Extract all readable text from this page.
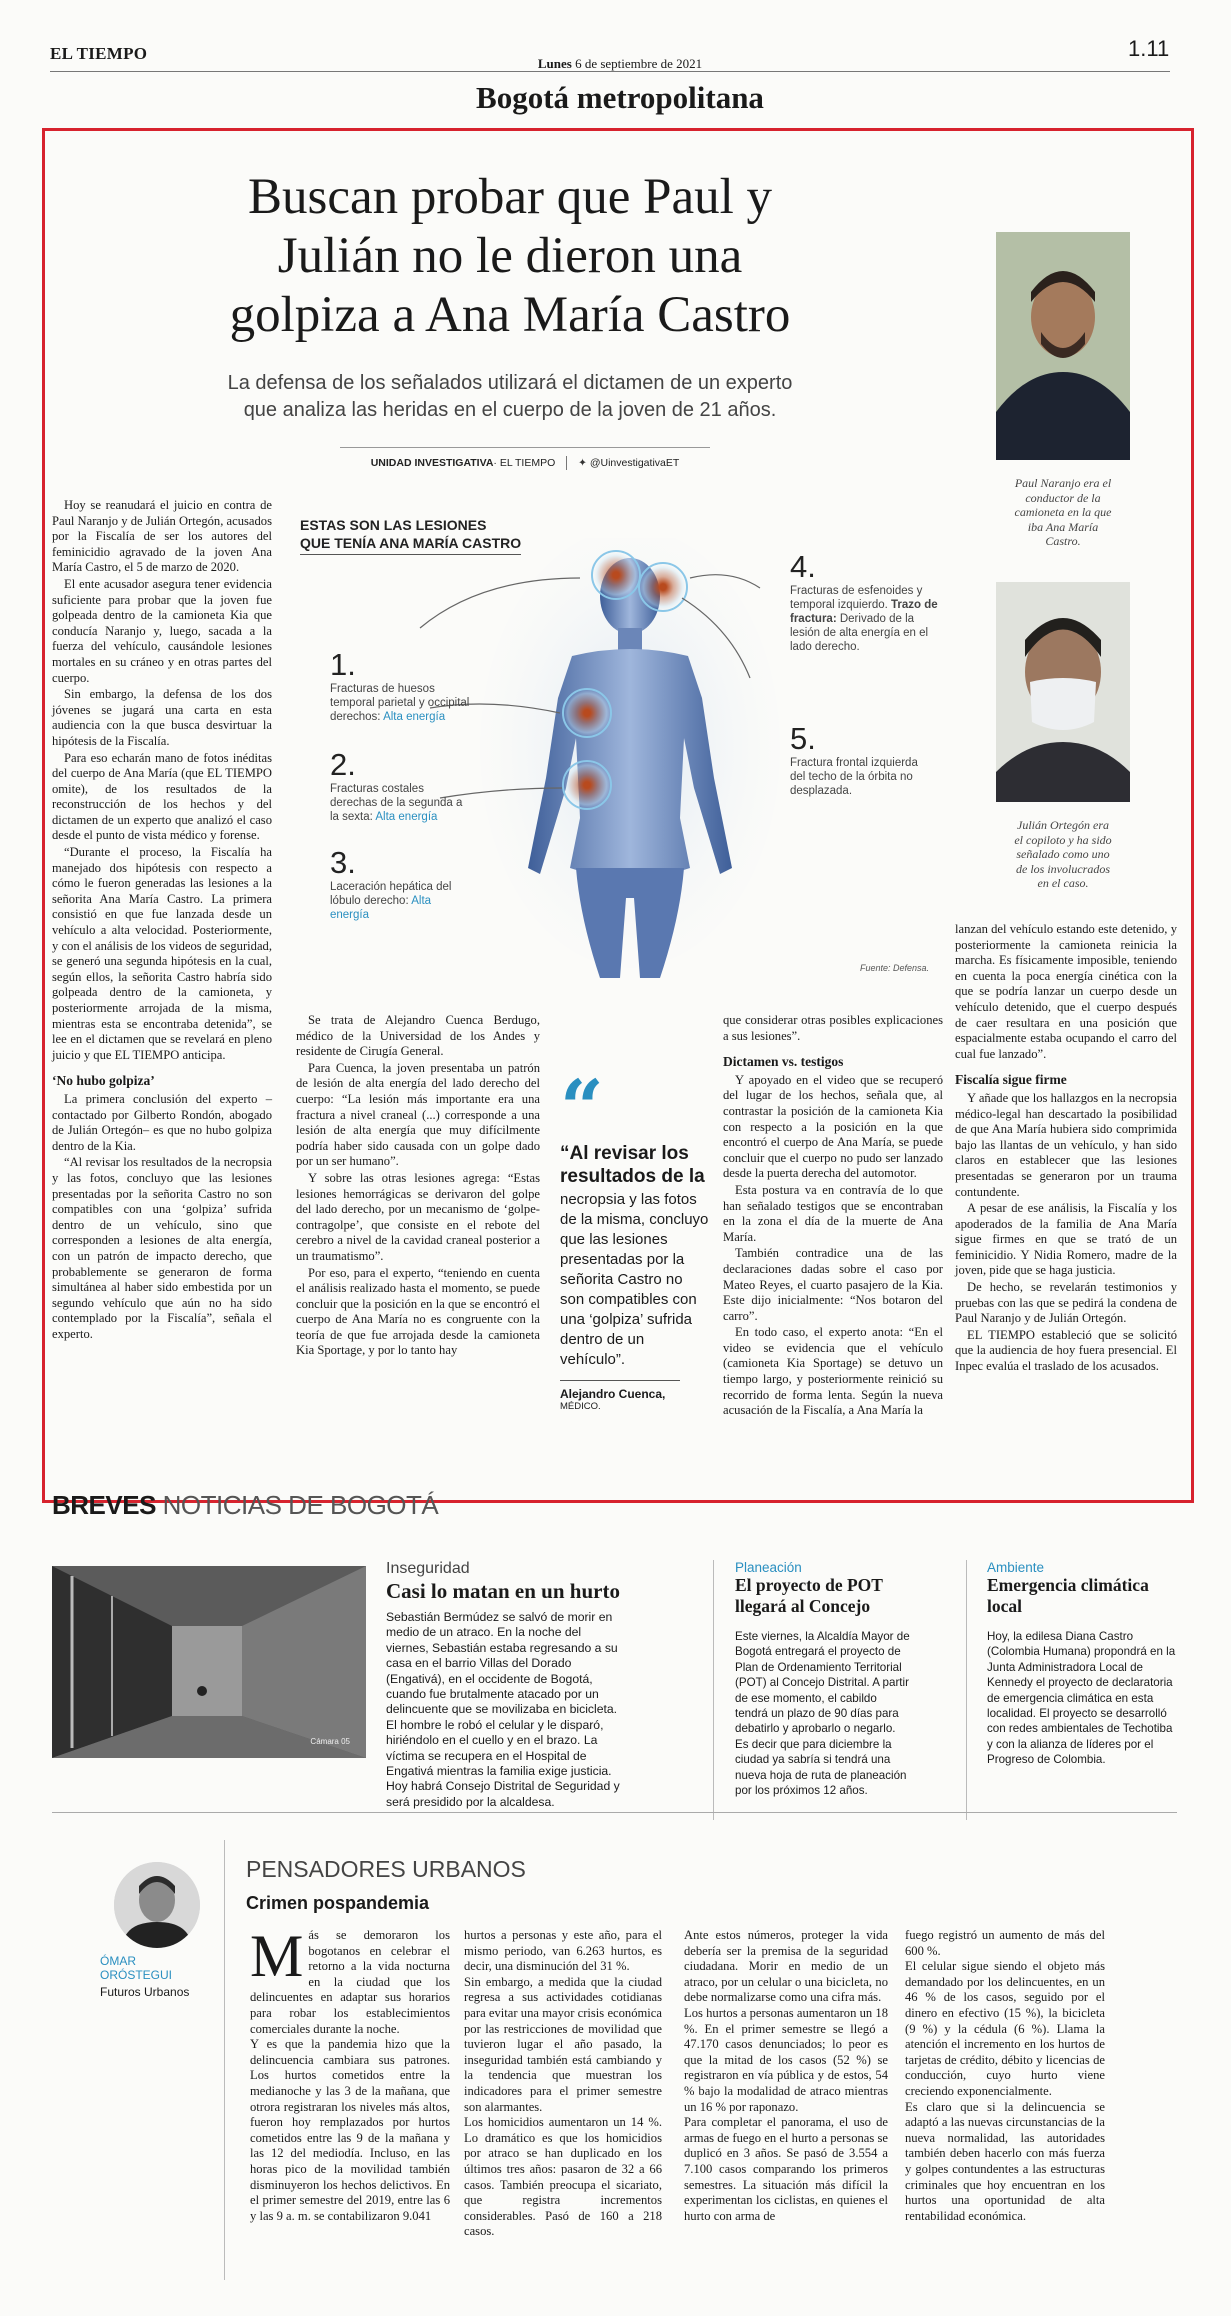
EL TIEMPO
Lunes 6 de septiembre de 2021
1.11
Bogotá metropolitana
Buscan probar que Paul y
Julián no le dieron una
golpiza a Ana María Castro
La defensa de los señalados utilizará el dictamen de un experto
que analiza las heridas en el cuerpo de la joven de 21 años.
UNIDAD INVESTIGATIVA· EL TIEMPO ✦ @UinvestigativaET
Paul Naranjo era el
conductor de la
camioneta en la que
iba Ana María
Castro.
Julián Ortegón era
el copiloto y ha sido
señalado como uno
de los involucrados
en el caso.

Hoy se reanudará el juicio en contra de Paul Naranjo y de Julián Ortegón, acusados por la Fiscalía de ser los autores del feminicidio agravado de la joven Ana María Castro, el 5 de marzo de 2020.

El ente acusador asegura tener evidencia suficiente para probar que la joven fue golpeada dentro de la camioneta Kia que conducía Naranjo y, luego, sacada a la fuerza del vehículo, causándole lesiones mortales en su cráneo y en otras partes del cuerpo.

Sin embargo, la defensa de los dos jóvenes se jugará una carta en esta audiencia con la que busca desvirtuar la hipótesis de la Fiscalía.

Para eso echarán mano de fotos inéditas del cuerpo de Ana María (que EL TIEMPO omite), de los resultados de la reconstrucción de los hechos y del dictamen de un experto que analizó el caso desde el punto de vista médico y forense.

“Durante el proceso, la Fiscalía ha manejado dos hipótesis con respecto a cómo le fueron generadas las lesiones a la señorita Ana María Castro. La primera consistió en que fue lanzada desde un vehículo a alta velocidad. Posteriormente, y con el análisis de los videos de seguridad, se generó una segunda hipótesis en la cual, según ellos, la señorita Castro habría sido golpeada dentro de la camioneta, y posteriormente arrojada de la misma, mientras esta se encontraba detenida”, se lee en el dictamen que se revelará en pleno juicio y que EL TIEMPO anticipa.

‘No hubo golpiza’

La primera conclusión del experto –contactado por Gilberto Rondón, abogado de Julián Ortegón– es que no hubo golpiza dentro de la Kia.

“Al revisar los resultados de la necropsia y las fotos, concluyo que las lesiones presentadas por la señorita Castro no son compatibles con una ‘golpiza’ sufrida dentro de un vehículo, sino que corresponden a lesiones de alta energía, con un patrón de impacto derecho, que probablemente se generaron de forma simultánea al haber sido embestida por un segundo vehículo que aún no ha sido contemplado por la Fiscalía”, señala el experto.

ESTAS SON LAS LESIONES
QUE TENÍA ANA MARÍA CASTRO
1.
Fracturas de huesos temporal parietal y occipital derechos: Alta energía
2.
Fracturas costales derechas de la segunda a la sexta: Alta energía
3.
Laceración hepática del lóbulo derecho: Alta energía
4.
Fracturas de esfenoides y temporal izquierdo. Trazo de fractura: Derivado de la lesión de alta energía en el lado derecho.
5.
Fractura frontal izquierda del techo de la órbita no desplazada.
Fuente: Defensa.

Se trata de Alejandro Cuenca Berdugo, médico de la Universidad de los Andes y residente de Cirugía General.

Para Cuenca, la joven presentaba un patrón de lesión de alta energía del lado derecho del cuerpo: “La lesión más importante era una fractura a nivel craneal (...) corresponde a una lesión de alta energía que muy difícilmente podría haber sido causada con un golpe dado por un ser humano”.

Y sobre las otras lesiones agrega: “Estas lesiones hemorrágicas se derivaron del golpe del lado derecho, por un mecanismo de ‘golpe-contragolpe’, que consiste en el rebote del cerebro a nivel de la cavidad craneal posterior a un traumatismo”.

Por eso, para el experto, “teniendo en cuenta el análisis realizado hasta el momento, se puede concluir que la posición en la que se encontró el cuerpo de Ana María no es congruente con la teoría de que fue arrojada desde la camioneta Kia Sportage, y por lo tanto hay

“
“Al revisar los resultados de la
necropsia y las fotos de la misma, concluyo que las lesiones presentadas por la señorita Castro no son compatibles con una ‘golpiza’ sufrida dentro de un vehículo”.
Alejandro Cuenca,
MÉDICO.

que considerar otras posibles explicaciones a sus lesiones”.

Dictamen vs. testigos

Y apoyado en el video que se recuperó del lugar de los hechos, señala que, al contrastar la posición de la camioneta Kia con respecto a la posición en la que encontró el cuerpo de Ana María, se puede concluir que el cuerpo no pudo ser lanzado desde la puerta derecha del automotor.

Esta postura va en contravía de lo que han señalado testigos que se encontraban en la zona el día de la muerte de Ana María.

También contradice una de las declaraciones dadas sobre el caso por Mateo Reyes, el cuarto pasajero de la Kia. Este dijo inicialmente: “Nos botaron del carro”.

En todo caso, el experto anota: “En el video se evidencia que el vehículo (camioneta Kia Sportage) se detuvo un tiempo largo, y posteriormente reinició su recorrido de forma lenta. Según la nueva acusación de la Fiscalía, a Ana María la

lanzan del vehículo estando este detenido, y posteriormente la camioneta reinicia la marcha. Es físicamente imposible, teniendo en cuenta la poca energía cinética con la que se podría lanzar un cuerpo desde un vehículo detenido, que el cuerpo después de caer resultara en una posición que espacialmente estaba ocupando el carro del cual fue lanzado”.

Fiscalía sigue firme

Y añade que los hallazgos en la necropsia médico-legal han descartado la posibilidad de que Ana María hubiera sido comprimida bajo las llantas de un vehículo, y han sido claros en establecer que las lesiones presentadas se generaron por un trauma contundente.

A pesar de ese análisis, la Fiscalía y los apoderados de la familia de Ana María sigue firmes en que se trató de un feminicidio. Y Nidia Romero, madre de la joven, pide que se haga justicia.

De hecho, se revelarán testimonios y pruebas con las que se pedirá la condena de Paul Naranjo y de Julián Ortegón.

EL TIEMPO estableció que se solicitó que la audiencia de hoy fuera presencial. El Inpec evalúa el traslado de los acusados.

BREVES NOTICIAS DE BOGOTÁ
Cámara 05
Inseguridad
Casi lo matan en un hurto

Sebastián Bermúdez se salvó de morir en medio de un atraco. En la noche del viernes, Sebastián estaba regresando a su casa en el barrio Villas del Dorado (Engativá), en el occidente de Bogotá, cuando fue brutalmente atacado por un delincuente que se movilizaba en bicicleta. El hombre le robó el celular y le disparó, hiriéndolo en el cuello y en el brazo. La víctima se recupera en el Hospital de Engativá mientras la familia exige justicia. Hoy habrá Consejo Distrital de Seguridad y será presidido por la alcaldesa.

Planeación
El proyecto de POT llegará al Concejo

Este viernes, la Alcaldía Mayor de Bogotá entregará el proyecto de Plan de Ordenamiento Territorial (POT) al Concejo Distrital. A partir de ese momento, el cabildo tendrá un plazo de 90 días para debatirlo y aprobarlo o negarlo. Es decir que para diciembre la ciudad ya sabría si tendrá una nueva hoja de ruta de planeación por los próximos 12 años.

Ambiente
Emergencia climática local

Hoy, la edilesa Diana Castro (Colombia Humana) propondrá en la Junta Administradora Local de Kennedy el proyecto de declaratoria de emergencia climática en esta localidad. El proyecto se desarrolló con redes ambientales de Techotiba y con la alianza de líderes por el Progreso de Colombia.

ÓMAR
ORÓSTEGUI
Futuros Urbanos
PENSADORES URBANOS
Crimen pospandemia
M ás se demoraron los bogotanos en celebrar el retorno a la vida nocturna en la ciudad que los delincuentes en adaptar sus horarios para robar los establecimientos comerciales durante la noche.
Y es que la pandemia hizo que la delincuencia cambiara sus patrones. Los hurtos cometidos entre la medianoche y las 3 de la mañana, que otrora registraran los niveles más altos, fueron hoy remplazados por hurtos cometidos entre las 9 de la mañana y las 12 del mediodía. Incluso, en las horas pico de la movilidad también disminuyeron los hechos delictivos. En el primer semestre del 2019, entre las 6 y las 9 a. m. se contabilizaron 9.041
hurtos a personas y este año, para el mismo periodo, van 6.263 hurtos, es decir, una disminución del 31 %.
Sin embargo, a medida que la ciudad regresa a sus actividades cotidianas para evitar una mayor crisis económica por las restricciones de movilidad que tuvieron lugar el año pasado, la inseguridad también está cambiando y la tendencia que muestran los indicadores para el primer semestre son alarmantes.
Los homicidios aumentaron un 14 %. Lo dramático es que los homicidios por atraco se han duplicado en los últimos tres años: pasaron de 32 a 66 casos. También preocupa el sicariato, que registra incrementos considerables. Pasó de 160 a 218 casos.
Ante estos números, proteger la vida debería ser la premisa de la seguridad ciudadana. Morir en medio de un atraco, por un celular o una bicicleta, no debe normalizarse como una cifra más.
Los hurtos a personas aumentaron un 18 %. En el primer semestre se llegó a 47.170 casos denunciados; lo peor es que la mitad de los casos (52 %) se registraron en vía pública y de estos, 54 % bajo la modalidad de atraco mientras un 16 % por raponazo.
Para completar el panorama, el uso de armas de fuego en el hurto a personas se duplicó en 3 años. Se pasó de 3.554 a 7.100 casos comparando los primeros semestres. La situación más difícil la experimentan los ciclistas, en quienes el hurto con arma de
fuego registró un aumento de más del 600 %.
El celular sigue siendo el objeto más demandado por los delincuentes, en un 46 % de los casos, seguido por el dinero en efectivo (15 %), la bicicleta (9 %) y la cédula (6 %). Llama la atención el incremento en los hurtos de tarjetas de crédito, débito y licencias de conducción, cuyo hurto viene creciendo exponencialmente.
Es claro que si la delincuencia se adaptó a las nuevas circunstancias de la nueva normalidad, las autoridades también deben hacerlo con más fuerza y golpes contundentes a las estructuras criminales que hoy encuentran en los hurtos una oportunidad de alta rentabilidad económica.
